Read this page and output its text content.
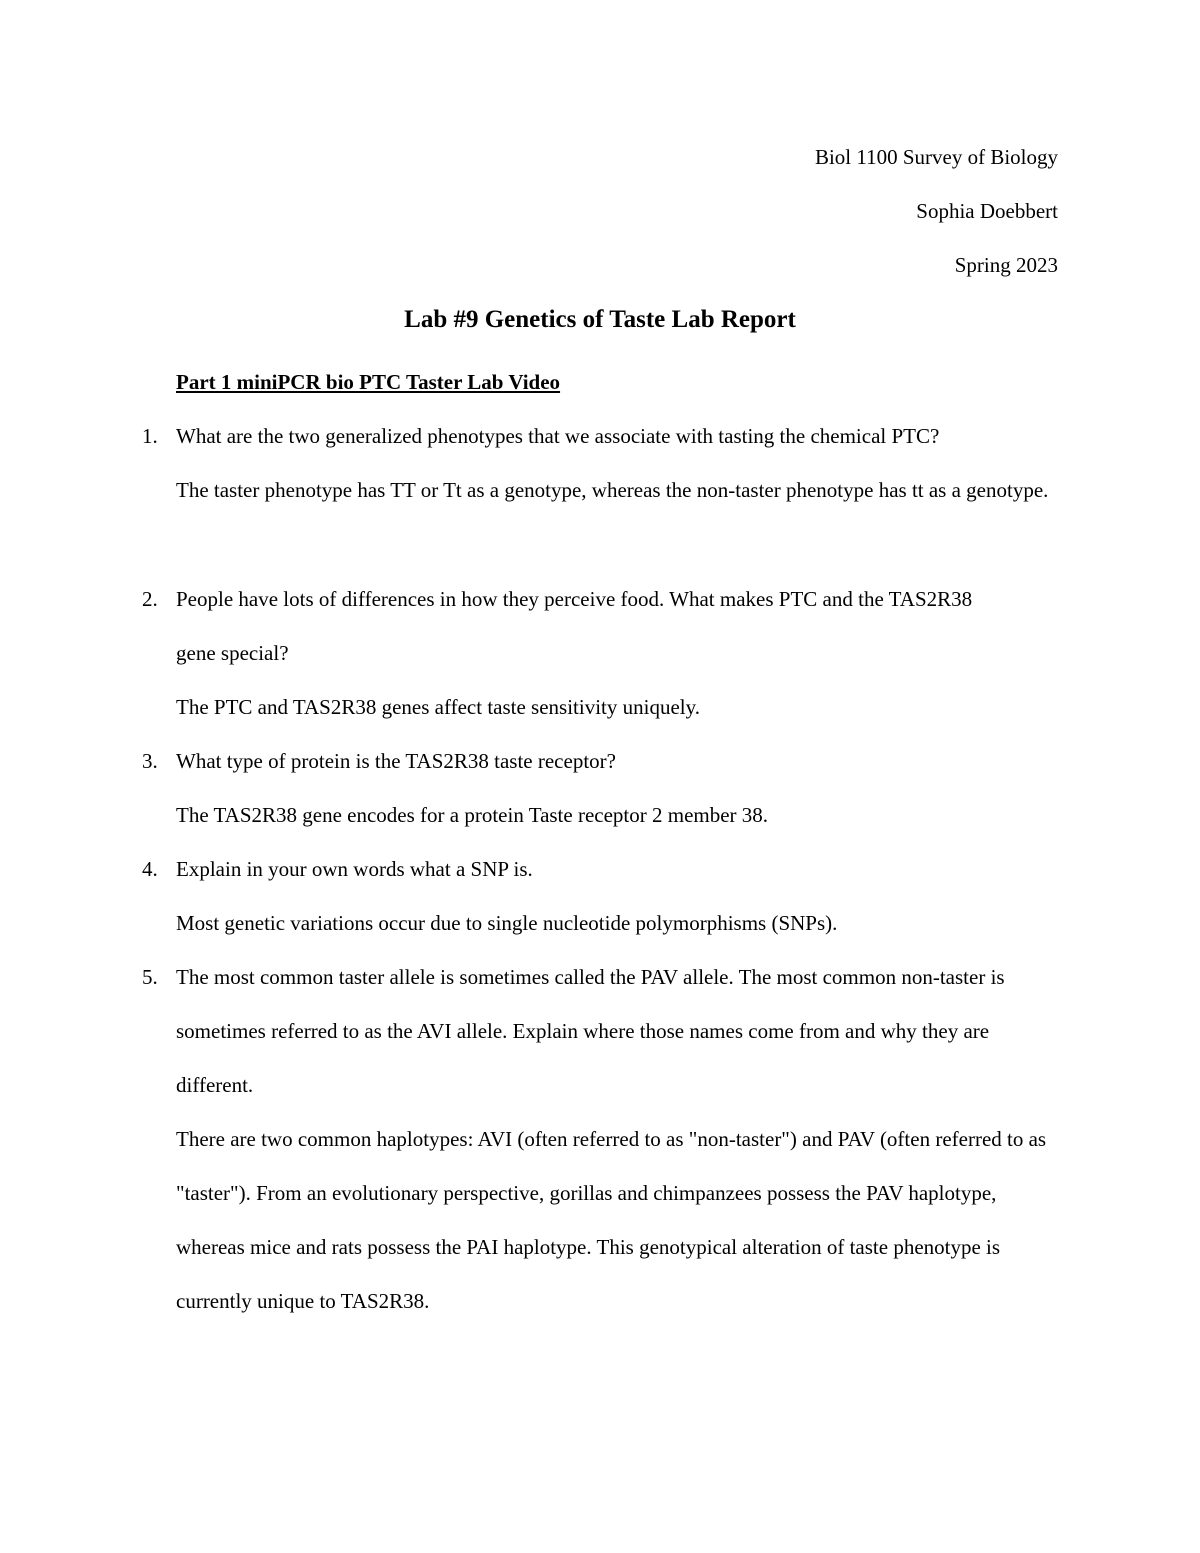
Biol 1100 Survey of Biology
Sophia Doebbert
Spring 2023
Lab #9 Genetics of Taste Lab Report
Part 1 miniPCR bio PTC Taster Lab Video
1. What are the two generalized phenotypes that we associate with tasting the chemical PTC?

The taster phenotype has TT or Tt as a genotype, whereas the non-taster phenotype has tt as a genotype.

2. People have lots of differences in how they perceive food. What makes PTC and the TAS2R38 gene special?

The PTC and TAS2R38 genes affect taste sensitivity uniquely.

3. What type of protein is the TAS2R38 taste receptor?

The TAS2R38 gene encodes for a protein Taste receptor 2 member 38.

4. Explain in your own words what a SNP is.

Most genetic variations occur due to single nucleotide polymorphisms (SNPs).

5. The most common taster allele is sometimes called the PAV allele. The most common non-taster is sometimes referred to as the AVI allele. Explain where those names come from and why they are different.

There are two common haplotypes: AVI (often referred to as "non-taster") and PAV (often referred to as "taster"). From an evolutionary perspective, gorillas and chimpanzees possess the PAV haplotype, whereas mice and rats possess the PAI haplotype. This genotypical alteration of taste phenotype is currently unique to TAS2R38.
